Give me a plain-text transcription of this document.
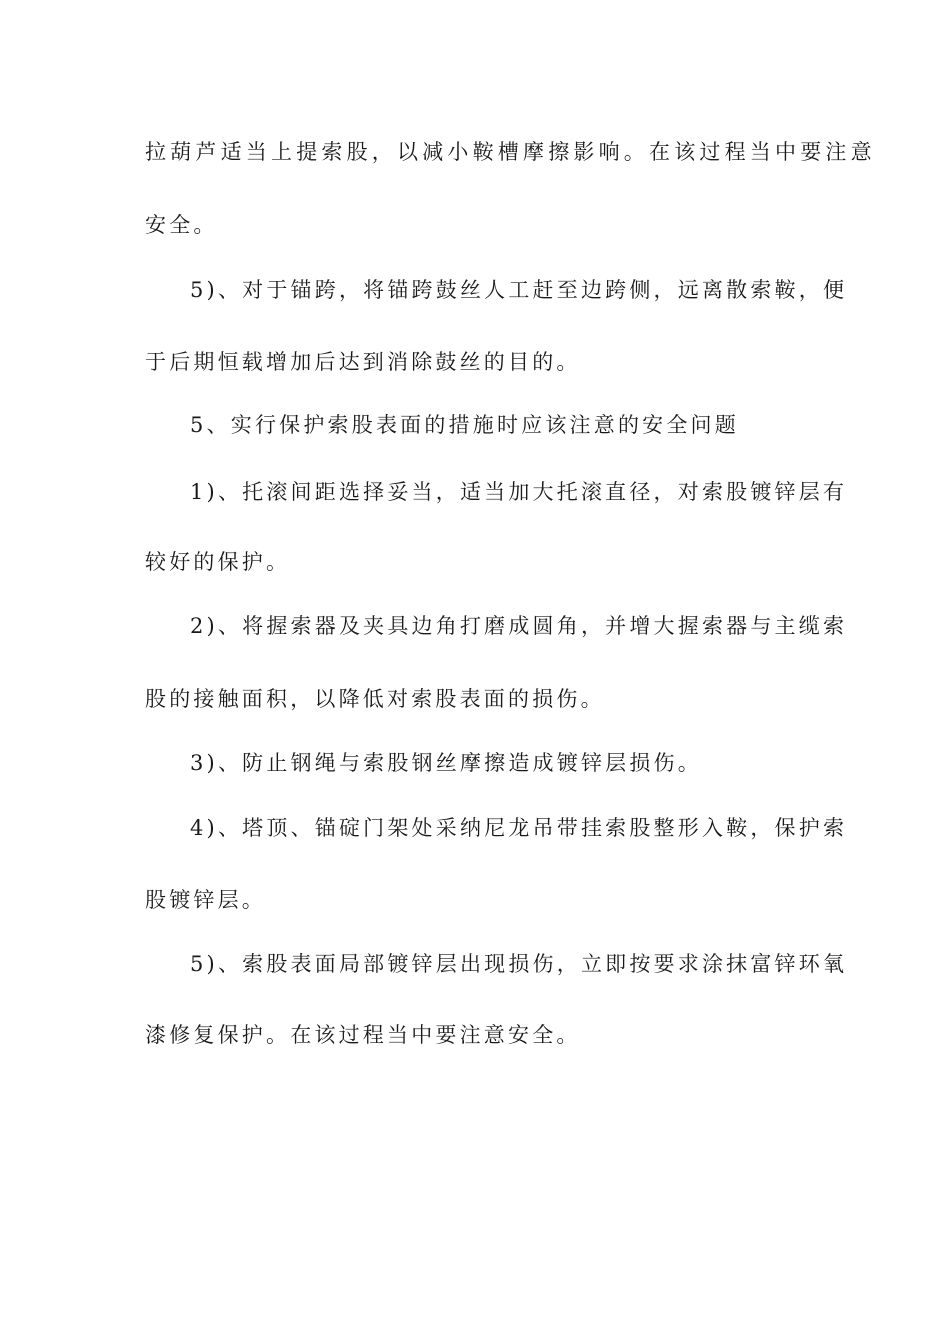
拉葫芦适当上提索股，以减小鞍槽摩擦影响。在该过程当中要注意
安全。
5)、对于锚跨，将锚跨鼓丝人工赶至边跨侧，远离散索鞍，便
于后期恒载增加后达到消除鼓丝的目的。
5、实行保护索股表面的措施时应该注意的安全问题
1)、托滚间距选择妥当，适当加大托滚直径，对索股镀锌层有
较好的保护。
2)、将握索器及夹具边角打磨成圆角，并增大握索器与主缆索
股的接触面积，以降低对索股表面的损伤。
3)、防止钢绳与索股钢丝摩擦造成镀锌层损伤。
4)、塔顶、锚碇门架处采纳尼龙吊带挂索股整形入鞍，保护索
股镀锌层。
5)、索股表面局部镀锌层出现损伤，立即按要求涂抹富锌环氧
漆修复保护。在该过程当中要注意安全。
